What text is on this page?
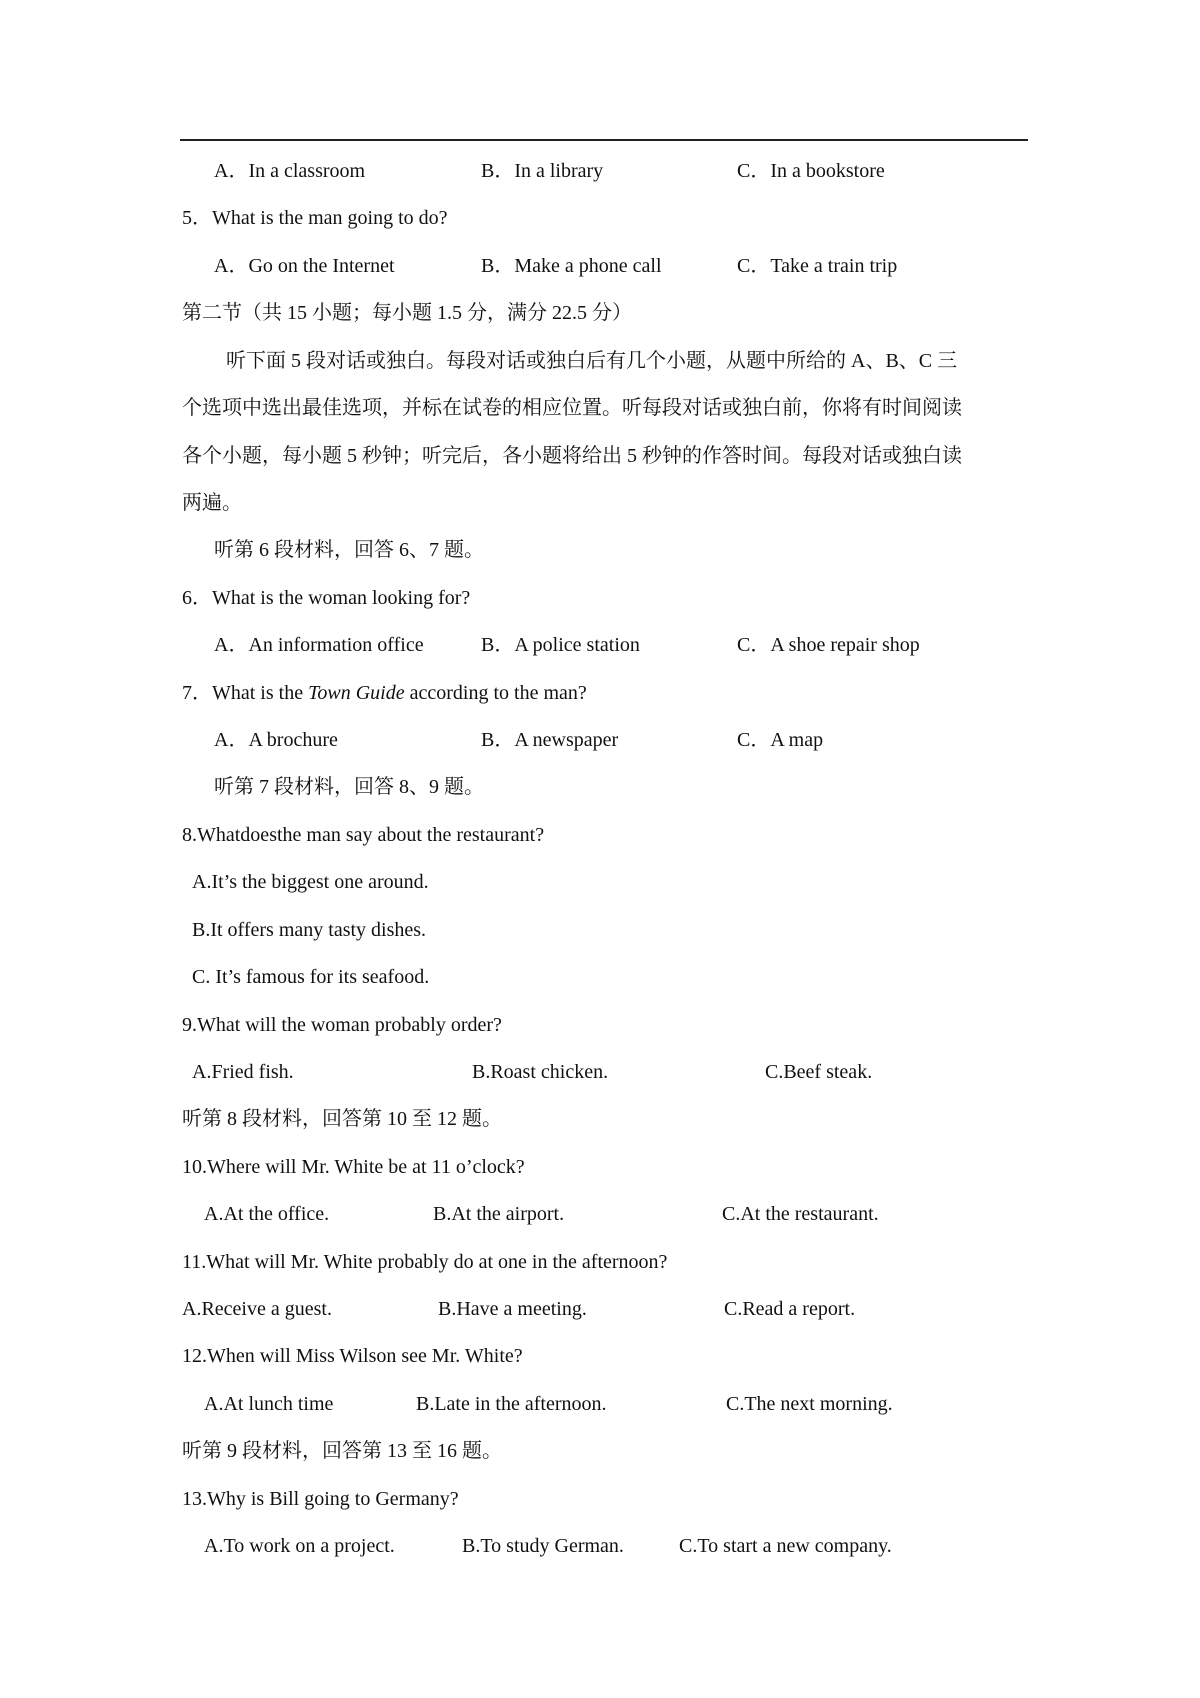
A．In a classroom	B．In a library	C．In a bookstore
5．What is the man going to do?
A．Go on the Internet	B．Make a phone call	C．Take a train trip
第二节（共 15 小题；每小题 1.5 分，满分 22.5 分）
听下面 5 段对话或独白。每段对话或独白后有几个小题，从题中所给的 A、B、C 三
个选项中选出最佳选项，并标在试卷的相应位置。听每段对话或独白前，你将有时间阅读
各个小题，每小题 5 秒钟；听完后，各小题将给出 5 秒钟的作答时间。每段对话或独白读
两遍。
听第 6 段材料，回答 6、7 题。
6．What is the woman looking for?
A．An information office	B．A police station	C．A shoe repair shop
7．What is the Town Guide according to the man?
A．A brochure	B．A newspaper	C．A map
听第 7 段材料，回答 8、9 题。
8.Whatdoesthe man say about the restaurant?
A.It’s the biggest one around.
B.It offers many tasty dishes.
C. It’s famous for its seafood.
9.What will the woman probably order?
A.Fried fish.	B.Roast chicken.	C.Beef steak.
听第 8 段材料，回答第 10 至 12 题。
10.Where will Mr. White be at 11 o’clock?
A.At the office.	B.At the airport.	C.At the restaurant.
11.What will Mr. White probably do at one in the afternoon?
A.Receive a guest.	B.Have a meeting.	C.Read a report.
12.When will Miss Wilson see Mr. White?
A.At lunch time	B.Late in the afternoon.	C.The next morning.
听第 9 段材料，回答第 13 至 16 题。
13.Why is Bill going to Germany?
A.To work on a project.	B.To study German.	C.To start a new company.
